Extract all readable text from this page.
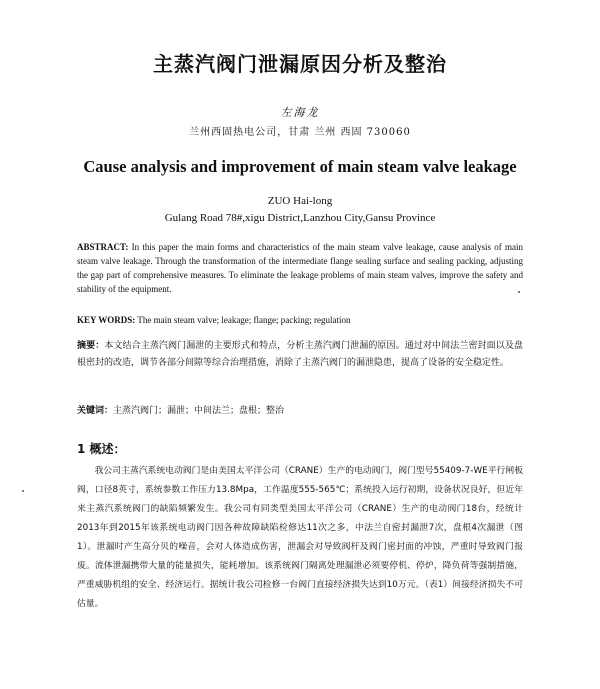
主蒸汽阀门泄漏原因分析及整治
左海龙
兰州西固热电公司，甘肃 兰州 西固 730060
Cause analysis and improvement of main steam valve leakage
ZUO Hai-long
Gulang Road 78#,xigu District,Lanzhou City,Gansu Province
ABSTRACT: In this paper the main forms and characteristics of the main steam valve leakage, cause analysis of main steam valve leakage. Through the transformation of the intermediate flange sealing surface and sealing packing, adjusting the gap part of comprehensive measures. To eliminate the leakage problems of main steam valves, improve the safety and stability of the equipment.
KEY WORDS: The main steam valve; leakage; flange; packing; regulation
摘要：本文结合主蒸汽阀门漏泄的主要形式和特点，分析主蒸汽阀门泄漏的原因。通过对中间法兰密封面以及盘根密封的改造，调节各部分间隙等综合治理措施，消除了主蒸汽阀门的漏泄隐患，提高了设备的安全稳定性。
关键词：主蒸汽阀门；漏泄；中间法兰；盘根；整治
1 概述：
我公司主蒸汽系统电动阀门是由美国太平洋公司（CRANE）生产的电动阀门，阀门型号55409-7-WE平行闸板阀，口径8英寸，系统参数工作压力13.8Mpa，工作温度555-565℃；系统投入运行初期，设备状况良好，但近年来主蒸汽系统阀门的缺陷频繁发生。我公司有同类型美国太平洋公司（CRANE）生产的电动阀门18台，经统计2013年到2015年该系统电动阀门因各种故障缺陷检修达11次之多，中法兰自密封漏泄7次，盘根4次漏泄（图1）。泄漏时产生高分贝的噪音，会对人体造成伤害，泄漏会对导致阀杆及阀门密封面的冲蚀，严重时导致阀门报废。流体泄漏携带大量的能量损失，能耗增加。该系统阀门隔离处理漏泄必须要停机、停炉，降负荷等强制措施，严重威胁机组的安全、经济运行。据统计我公司检修一台阀门直接经济损失达到10万元。（表1）间接经济损失不可估量。
